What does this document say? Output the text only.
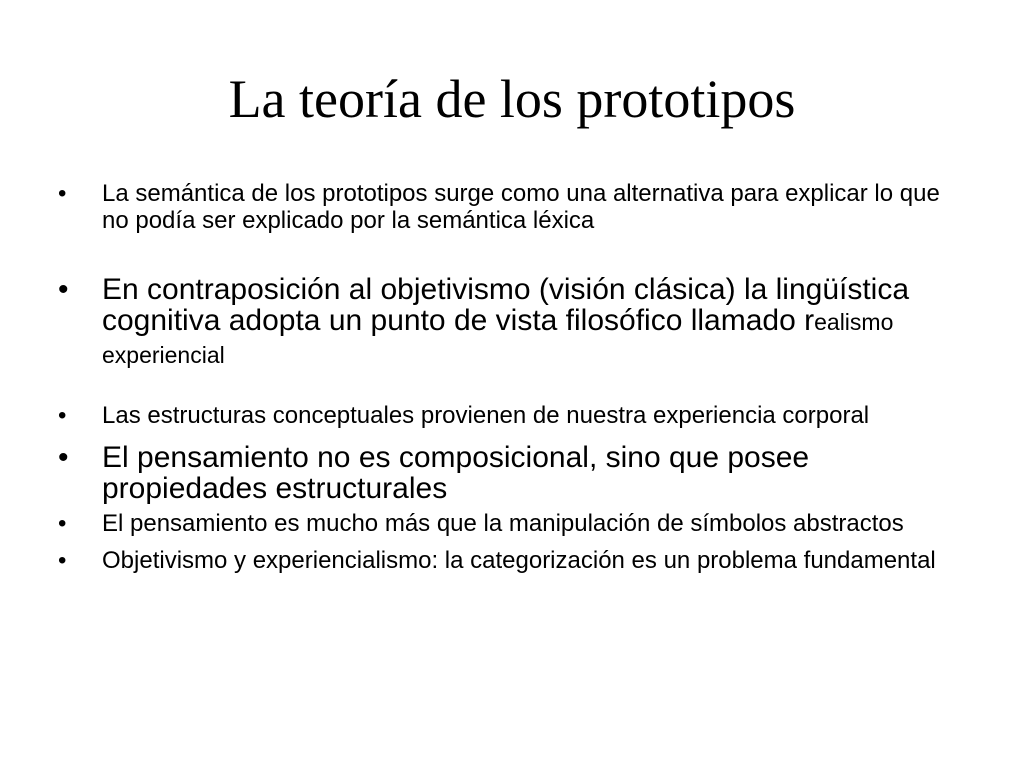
La teoría de los prototipos
• La semántica de los prototipos surge como una alternativa para explicar lo que no podía ser explicado por la semántica léxica
• En contraposición al objetivismo (visión clásica) la lingüística cognitiva adopta un punto de vista filosófico llamado realismo experiencial
• Las estructuras conceptuales provienen de nuestra experiencia corporal
• El pensamiento no es composicional, sino que posee propiedades estructurales
• El pensamiento es mucho más que la manipulación de símbolos abstractos
• Objetivismo y experiencialismo: la categorización es un problema fundamental
